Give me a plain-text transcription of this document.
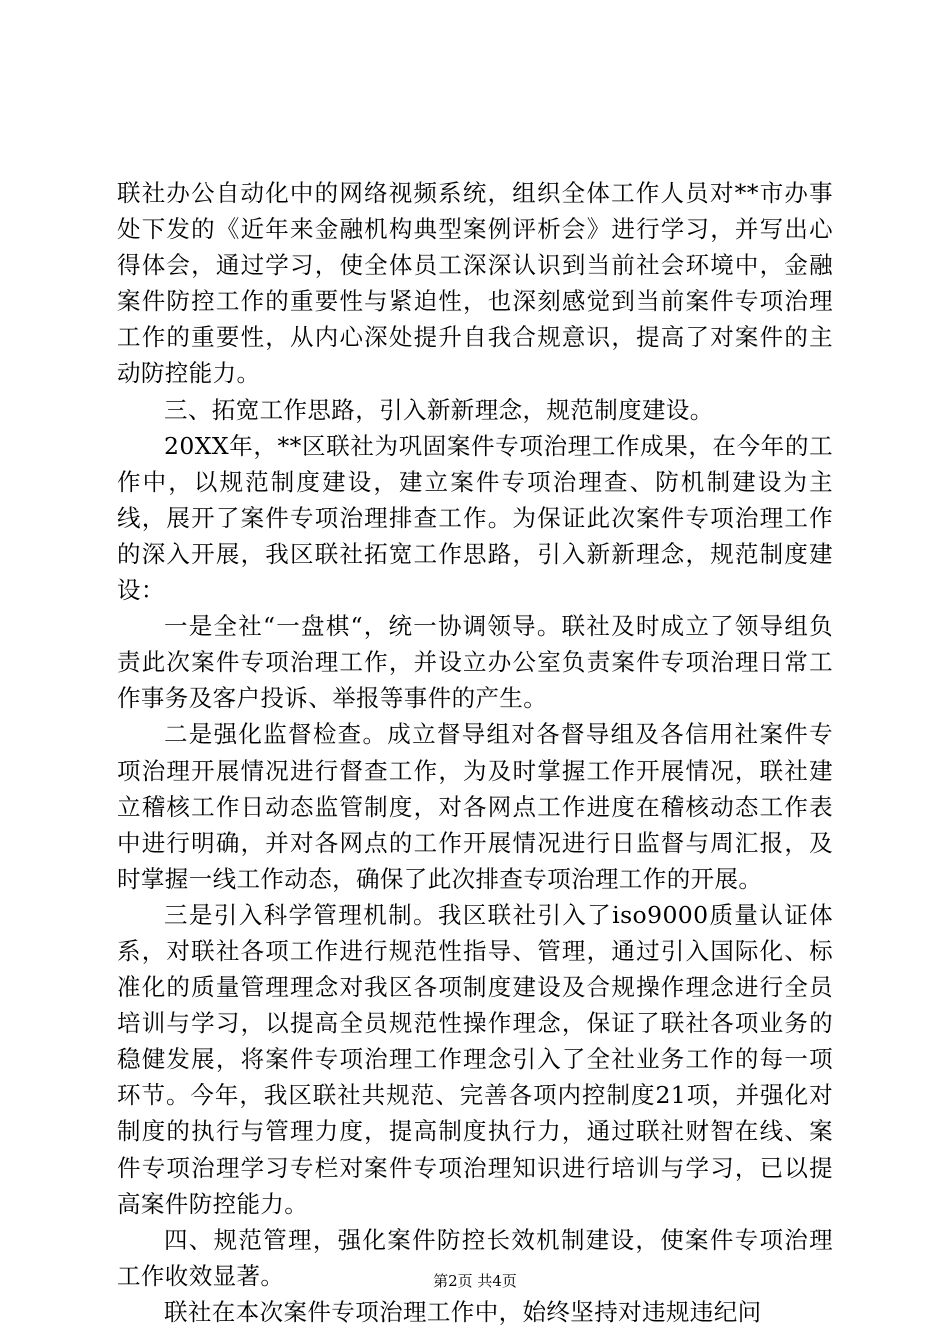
联社办公自动化中的网络视频系统，组织全体工作人员对**市办事处下发的《近年来金融机构典型案例评析会》进行学习，并写出心得体会，通过学习，使全体员工深深认识到当前社会环境中，金融案件防控工作的重要性与紧迫性，也深刻感觉到当前案件专项治理工作的重要性，从内心深处提升自我合规意识，提高了对案件的主动防控能力。

三、拓宽工作思路，引入新新理念，规范制度建设。

20XX年，**区联社为巩固案件专项治理工作成果，在今年的工作中，以规范制度建设，建立案件专项治理查、防机制建设为主线，展开了案件专项治理排查工作。为保证此次案件专项治理工作的深入开展，我区联社拓宽工作思路，引入新新理念，规范制度建设：

一是全社“一盘棋“，统一协调领导。联社及时成立了领导组负责此次案件专项治理工作，并设立办公室负责案件专项治理日常工作事务及客户投诉、举报等事件的产生。

二是强化监督检查。成立督导组对各督导组及各信用社案件专项治理开展情况进行督查工作，为及时掌握工作开展情况，联社建立稽核工作日动态监管制度，对各网点工作进度在稽核动态工作表中进行明确，并对各网点的工作开展情况进行日监督与周汇报，及时掌握一线工作动态，确保了此次排查专项治理工作的开展。

三是引入科学管理机制。我区联社引入了iso9000质量认证体系，对联社各项工作进行规范性指导、管理，通过引入国际化、标准化的质量管理理念对我区各项制度建设及合规操作理念进行全员培训与学习，以提高全员规范性操作理念，保证了联社各项业务的稳健发展，将案件专项治理工作理念引入了全社业务工作的每一项环节。今年，我区联社共规范、完善各项内控制度21项，并强化对制度的执行与管理力度，提高制度执行力，通过联社财智在线、案件专项治理学习专栏对案件专项治理知识进行培训与学习，已以提高案件防控能力。

四、规范管理，强化案件防控长效机制建设，使案件专项治理工作收效显著。

联社在本次案件专项治理工作中，始终坚持对违规违纪问

第2页 共4页
